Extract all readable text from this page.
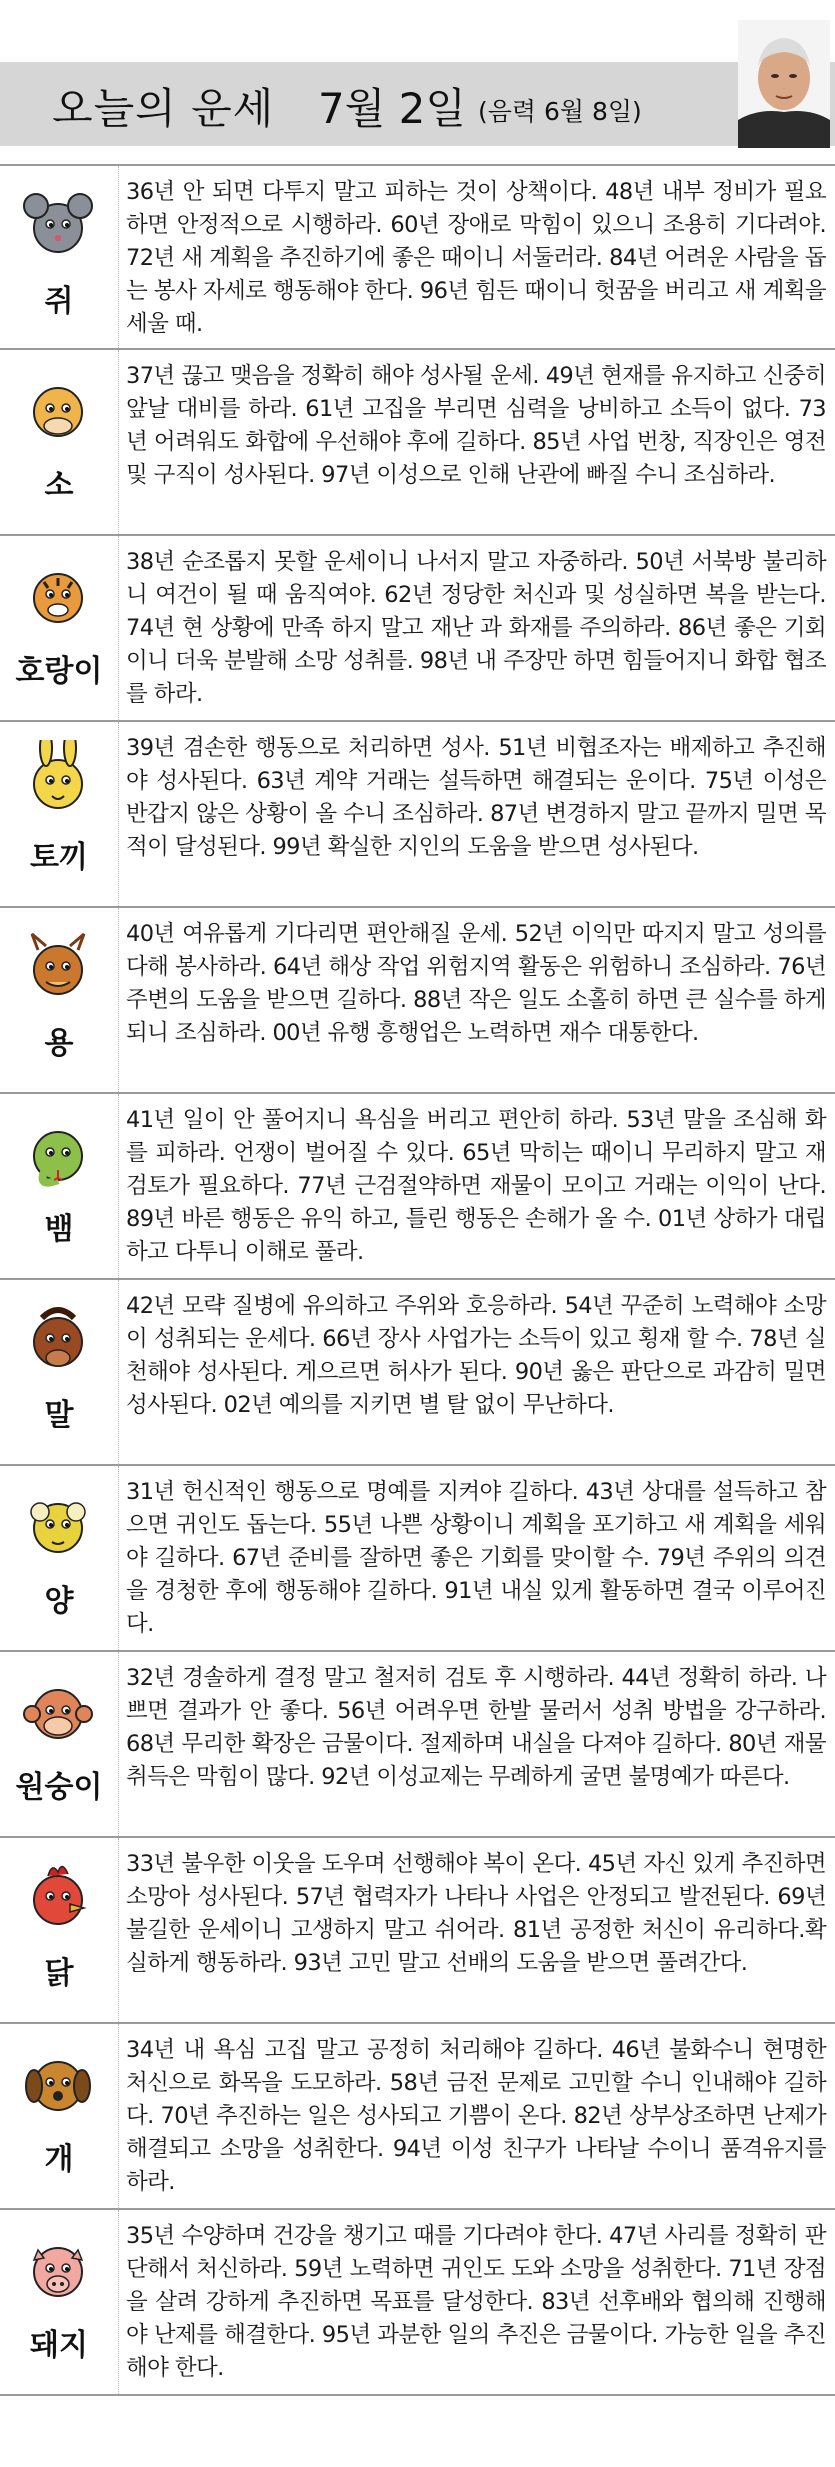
오늘의 운세 7월 2일 (음력 6월 8일)
쥐
36년 안 되면 다투지 말고 피하는 것이 상책이다. 48년 내부 정비가 필요하면 안정적으로 시행하라. 60년 장애로 막힘이 있으니 조용히 기다려야. 72년 새 계획을 추진하기에 좋은 때이니 서둘러라. 84년 어려운 사람을 돕는 봉사 자세로 행동해야 한다. 96년 힘든 때이니 헛꿈을 버리고 새 계획을 세울 때.
소
37년 끊고 맺음을 정확히 해야 성사될 운세. 49년 현재를 유지하고 신중히 앞날 대비를 하라. 61년 고집을 부리면 심력을 낭비하고 소득이 없다. 73년 어려워도 화합에 우선해야 후에 길하다. 85년 사업 번창, 직장인은 영전 및 구직이 성사된다. 97년 이성으로 인해 난관에 빠질 수니 조심하라.
호랑이
38년 순조롭지 못할 운세이니 나서지 말고 자중하라. 50년 서북방 불리하니 여건이 될 때 움직여야. 62년 정당한 처신과 및 성실하면 복을 받는다. 74년 현 상황에 만족 하지 말고 재난 과 화재를 주의하라. 86년 좋은 기회이니 더욱 분발해 소망 성취를. 98년 내 주장만 하면 힘들어지니 화합 협조를 하라.
토끼
39년 겸손한 행동으로 처리하면 성사. 51년 비협조자는 배제하고 추진해야 성사된다. 63년 계약 거래는 설득하면 해결되는 운이다. 75년 이성은 반갑지 않은 상황이 올 수니 조심하라. 87년 변경하지 말고 끝까지 밀면 목적이 달성된다. 99년 확실한 지인의 도움을 받으면 성사된다.
용
40년 여유롭게 기다리면 편안해질 운세. 52년 이익만 따지지 말고 성의를 다해 봉사하라. 64년 해상 작업 위험지역 활동은 위험하니 조심하라. 76년 주변의 도움을 받으면 길하다. 88년 작은 일도 소홀히 하면 큰 실수를 하게 되니 조심하라. 00년 유행 흥행업은 노력하면 재수 대통한다.
뱀
41년 일이 안 풀어지니 욕심을 버리고 편안히 하라. 53년 말을 조심해 화를 피하라. 언쟁이 벌어질 수 있다. 65년 막히는 때이니 무리하지 말고 재검토가 필요하다. 77년 근검절약하면 재물이 모이고 거래는 이익이 난다. 89년 바른 행동은 유익 하고, 틀린 행동은 손해가 올 수. 01년 상하가 대립하고 다투니 이해로 풀라.
말
42년 모략 질병에 유의하고 주위와 호응하라. 54년 꾸준히 노력해야 소망이 성취되는 운세다. 66년 장사 사업가는 소득이 있고 횡재 할 수. 78년 실천해야 성사된다. 게으르면 허사가 된다. 90년 옳은 판단으로 과감히 밀면 성사된다. 02년 예의를 지키면 별 탈 없이 무난하다.
양
31년 헌신적인 행동으로 명예를 지켜야 길하다. 43년 상대를 설득하고 참으면 귀인도 돕는다. 55년 나쁜 상황이니 계획을 포기하고 새 계획을 세워야 길하다. 67년 준비를 잘하면 좋은 기회를 맞이할 수. 79년 주위의 의견을 경청한 후에 행동해야 길하다. 91년 내실 있게 활동하면 결국 이루어진다.
원숭이
32년 경솔하게 결정 말고 철저히 검토 후 시행하라. 44년 정확히 하라. 나쁘면 결과가 안 좋다. 56년 어려우면 한발 물러서 성취 방법을 강구하라. 68년 무리한 확장은 금물이다. 절제하며 내실을 다져야 길하다. 80년 재물 취득은 막힘이 많다. 92년 이성교제는 무례하게 굴면 불명예가 따른다.
닭
33년 불우한 이웃을 도우며 선행해야 복이 온다. 45년 자신 있게 추진하면 소망아 성사된다. 57년 협력자가 나타나 사업은 안정되고 발전된다. 69년 불길한 운세이니 고생하지 말고 쉬어라. 81년 공정한 처신이 유리하다.확실하게 행동하라. 93년 고민 말고 선배의 도움을 받으면 풀려간다.
개
34년 내 욕심 고집 말고 공정히 처리해야 길하다. 46년 불화수니 현명한 처신으로 화목을 도모하라. 58년 금전 문제로 고민할 수니 인내해야 길하다. 70년 추진하는 일은 성사되고 기쁨이 온다. 82년 상부상조하면 난제가 해결되고 소망을 성취한다. 94년 이성 친구가 나타날 수이니 품격유지를 하라.
돼지
35년 수양하며 건강을 챙기고 때를 기다려야 한다. 47년 사리를 정확히 판단해서 처신하라. 59년 노력하면 귀인도 도와 소망을 성취한다. 71년 장점을 살려 강하게 추진하면 목표를 달성한다. 83년 선후배와 협의해 진행해야 난제를 해결한다. 95년 과분한 일의 추진은 금물이다. 가능한 일을 추진해야 한다.
